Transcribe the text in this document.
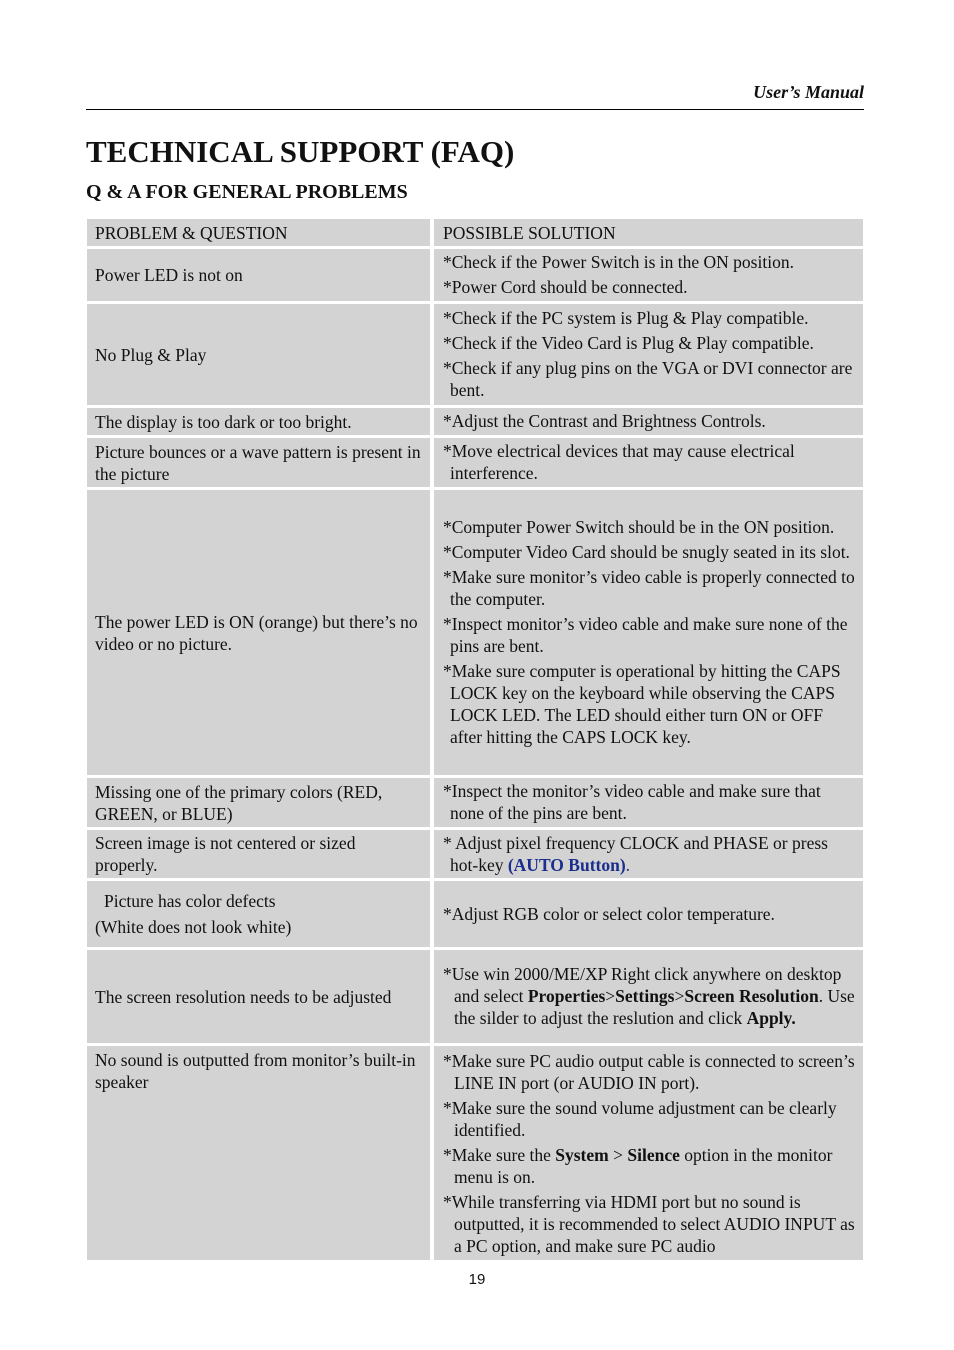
User’s Manual
TECHNICAL SUPPORT (FAQ)
Q & A FOR GENERAL PROBLEMS
PROBLEM & QUESTION	POSSIBLE SOLUTION
Power LED is not on
*Check if the Power Switch is in the ON position.
*Power Cord should be connected.
No Plug & Play
*Check if the PC system is Plug & Play compatible.
*Check if the Video Card is Plug & Play compatible.
*Check if any plug pins on the VGA or DVI connector are bent.
The display is too dark or too bright.	*Adjust the Contrast and Brightness Controls.
Picture bounces or a wave pattern is present in the picture
*Move electrical devices that may cause electrical interference.
The power LED is ON (orange) but there’s no video or no picture.
*Computer Power Switch should be in the ON position.
*Computer Video Card should be snugly seated in its slot.
*Make sure monitor’s video cable is properly connected to the computer.
*Inspect monitor’s video cable and make sure none of the pins are bent.
*Make sure computer is operational by hitting the CAPS LOCK key on the keyboard while observing the CAPS LOCK LED. The LED should either turn ON or OFF after hitting the CAPS LOCK key.
Missing one of the primary colors (RED, GREEN, or BLUE)
*Inspect the monitor’s video cable and make sure that none of the pins are bent.
Screen image is not centered or sized properly.
* Adjust pixel frequency CLOCK and PHASE or press hot-key (AUTO Button).
Picture has color defects
(White does not look white)
*Adjust RGB color or select color temperature.
The screen resolution needs to be adjusted
*Use win 2000/ME/XP Right click anywhere on desktop and select Properties>Settings>Screen Resolution. Use the silder to adjust the reslution and click Apply.
No sound is outputted from monitor’s built-in speaker
*Make sure PC audio output cable is connected to screen’s LINE IN port (or AUDIO IN port).
*Make sure the sound volume adjustment can be clearly identified.
*Make sure the System > Silence option in the monitor menu is on.
*While transferring via HDMI port but no sound is outputted, it is recommended to select AUDIO INPUT as a PC option, and make sure PC audio
19
